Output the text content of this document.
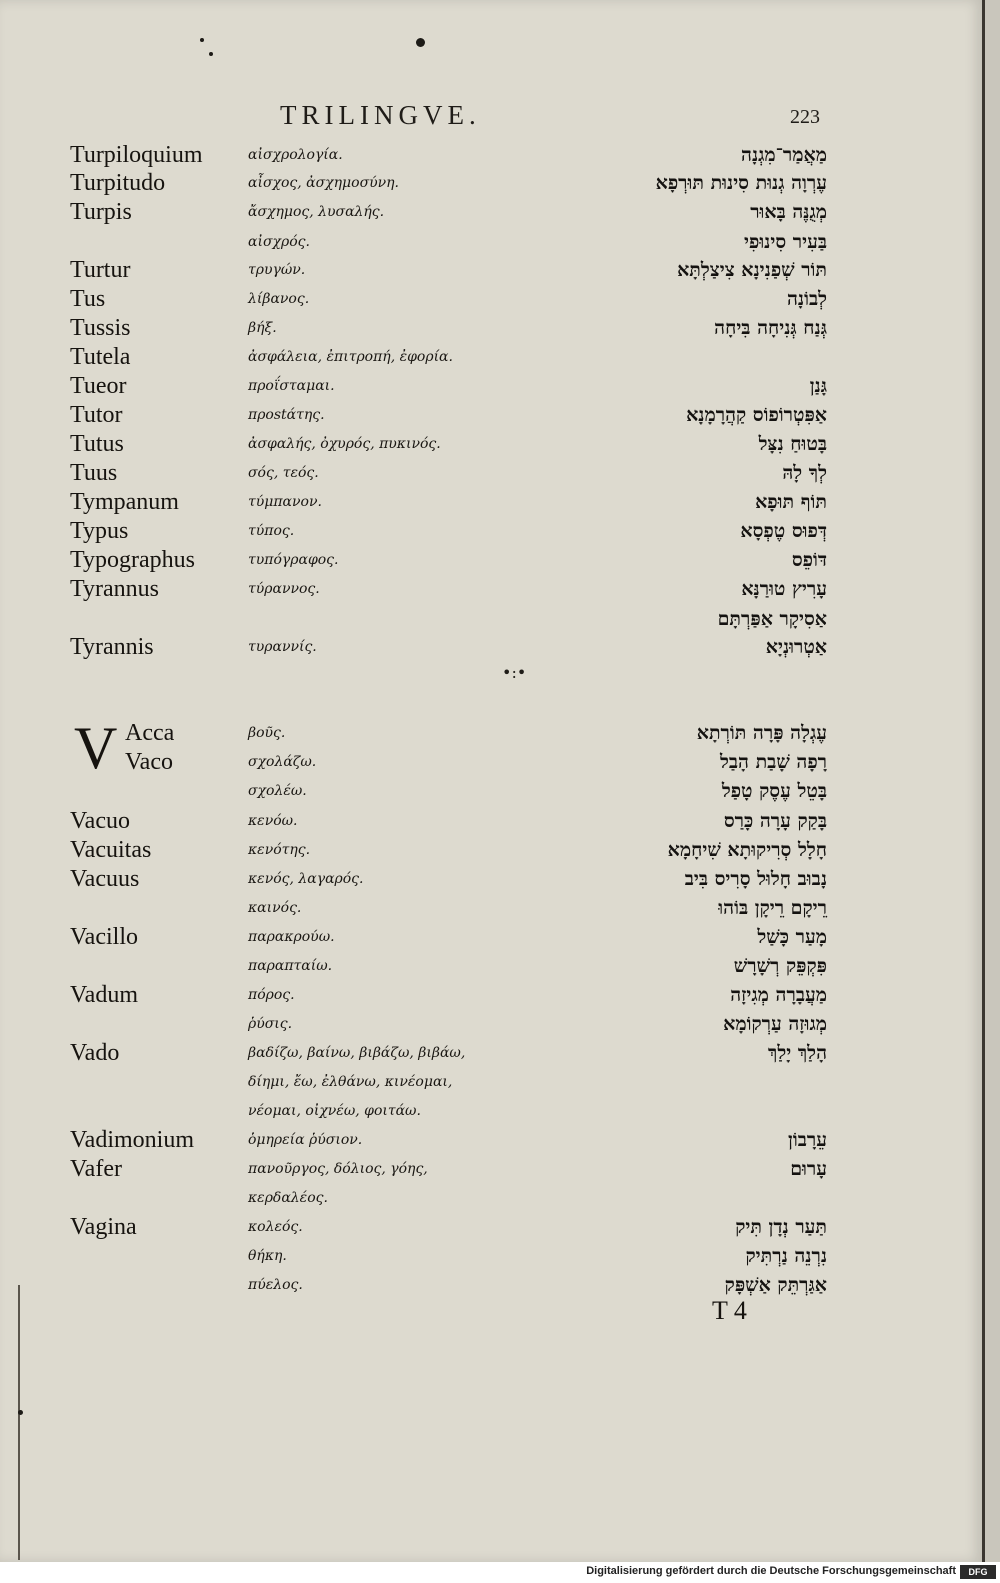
TRILINGVE.	223
Turpiloquium	αἰσχρολογία.	מַאֲמַר־מִגְנָה
Turpitudo	αἶσχος, ἀσχημοσύνη.	עֶרְוָה גְנוּת סִינוּת תּוּרְפָא
Turpis	ἄσχημος, λυσαλής.	מְגֻנֶּה בָּאוּר
αἰσχρός.	בַּעִיר סִינוּפִי
Turtur	τρυγών.	תּוֹר שְׁפַנִינָא צִיצַלְתָּא
Tus	λίβανος.	לְבוֹנָה
Tussis	βήξ.	גְּנַח גְּנִיחָה בִּיחָה
Tutela	ἀσφάλεια, ἐπιτροπή, ἐφορία.
Tueor	προΐσταμαι.	גָּנַן
Tutor	πρostάτης.	אַפִּטְרוֹפוֹס קַהֲרָמָנָא
Tutus	ἀσφαλής, ὀχυρός, πυκινός.	בָּטוּחַ נִצָּל
Tuus	σός, τεός.	לְךָ לָהּ
Tympanum	τύμπανον.	תּוֹף תּוּפָא
Typus	τύπος.	דְּפוּס טֶפְסָא
Typographus	τυπόγραφος.	דּוֹפֵס
Tyrannus	τύραννος.	עָרִיץ טוּרַנָּא
אַסִיקָר אַפַּרְתָּם
Tyrannis	τυραννίς.	אַטְרוּנְיָא
Acca	βοῦς.	עֶגְלָה פָּרָה תּוֹרְתָא
Vaco	σχολάζω.	רָפָה שָׁבַת הָבַל
σχολέω.	בָּטֵל עֶסֶק טָפַל
Vacuo	κενόω.	בָּקַק עָרָה כָּרַס
Vacuitas	κενότης.	חָלָל סְרִיקוּתָא שִׁיחָמָא
Vacuus	κενός, λαγαρός.	נָבוּב חָלוּל סָרִיס בִּיב
καινός.	רֵיקָם רֵיקָן בּוֹהוּ
Vacillo	παρακρούω.	מָעַר כָּשַׁל
παραπταίω.	פִּקְפֵּק רְשָׁרָשׁ
Vadum	πόρος.	מַעֲבָרָה מְגִיזָה
ῥύσις.	מְגוּזָה עַרְקוֹמָא
Vado	βαδίζω, βαίνω, βιβάζω, βιβάω,	הָלַךְ יָלַךְ
δίημι, ἔω, ἐλθάνω, κινέομαι,
νέομαι, οἰχνέω, φοιτάω.
Vadimonium	ὁμηρεία ῥύσιον.	עֵרָבוֹן
Vafer	πανοῦργος, δόλιος, γόης,	עָרוּם
κερδαλέος.
Vagina	κολεός.	תַּעַר נְדָן תִּיק
θήκη.	נִרְנֵה נַרְתִּיק
πύελος.	אַגַּרְתֵּק אַשְׁפָּק
•:•
V
T 4
Digitalisierung gefördert durch die Deutsche Forschungsgemeinschaft	DFG
